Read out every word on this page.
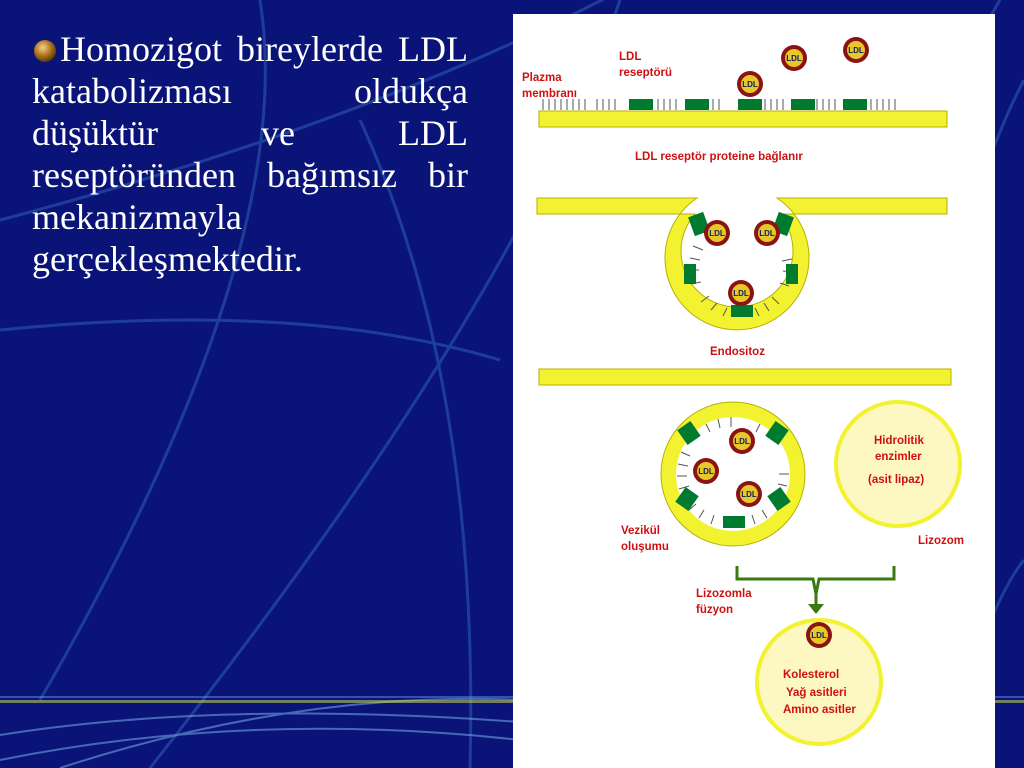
Homozigot bireylerde LDL katabolizması oldukça düşüktür ve LDL reseptöründen bağımsız bir mekanizmayla gerçekleşmektedir.
Plazma
membranı
LDL
reseptörü
LDL
LDL
LDL
LDL reseptör proteine bağlanır
LDL	LDL
LDL
Endositoz
LDL
LDL
LDL
Hidrolitik
enzimler
(asit lipaz)
Vezikül
oluşumu	Lizozom
Lizozomla
füzyon
LDL
Kolesterol
Yağ asitleri
Amino asitler
